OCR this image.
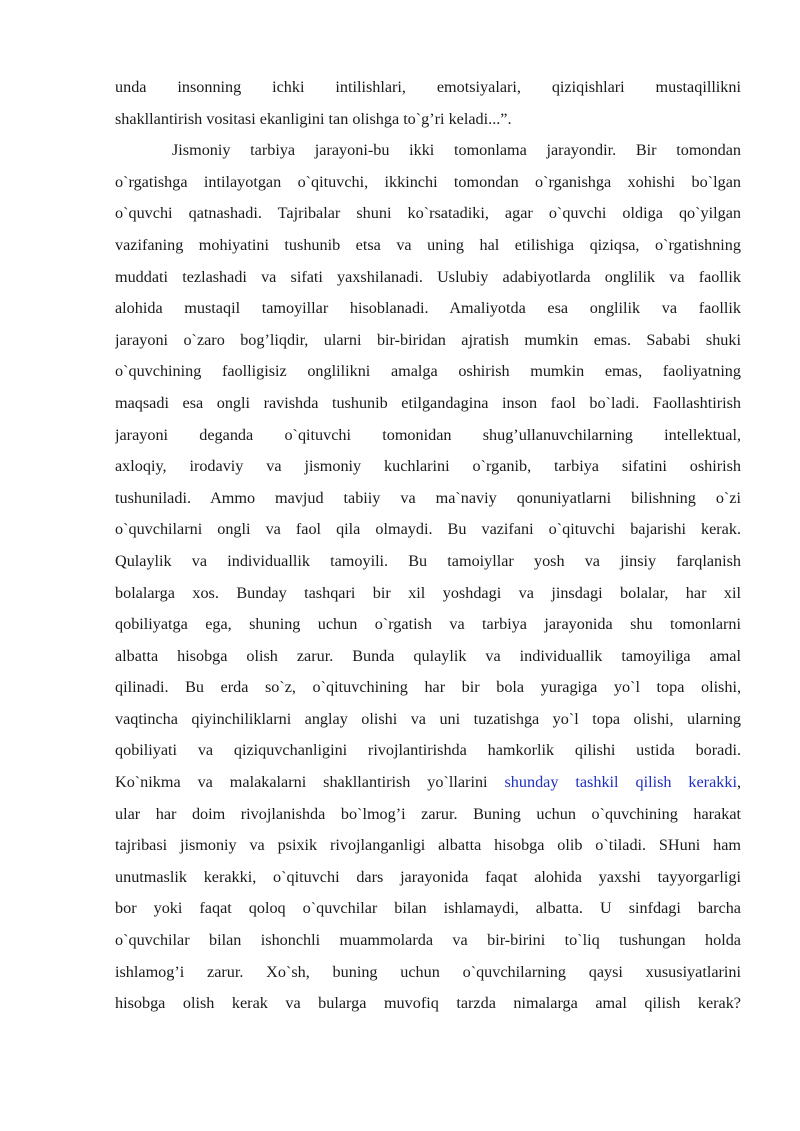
unda insonning ichki intilishlari, emotsiyalari, qiziqishlari mustaqillikni
shakllantirish vositasi ekanligini tan olishga to`g’ri keladi...”.
Jismoniy tarbiya jarayoni-bu ikki tomonlama jarayondir. Bir tomondan
o`rgatishga intilayotgan o`qituvchi, ikkinchi tomondan o`rganishga xohishi bo`lgan
o`quvchi qatnashadi. Tajribalar shuni ko`rsatadiki, agar o`quvchi oldiga qo`yilgan
vazifaning mohiyatini tushunib etsa va uning hal etilishiga qiziqsa, o`rgatishning
muddati tezlashadi va sifati yaxshilanadi. Uslubiy adabiyotlarda onglilik va faollik
alohida mustaqil tamoyillar hisoblanadi. Amaliyotda esa onglilik va faollik
jarayoni o`zaro bog’liqdir, ularni bir-biridan ajratish mumkin emas. Sababi shuki
o`quvchining faolligisiz onglilikni amalga oshirish mumkin emas, faoliyatning
maqsadi esa ongli ravishda tushunib etilgandagina inson faol bo`ladi. Faollashtirish
jarayoni deganda o`qituvchi tomonidan shug’ullanuvchilarning intellektual,
axloqiy, irodaviy va jismoniy kuchlarini o`rganib, tarbiya sifatini oshirish
tushuniladi. Ammo mavjud tabiiy va ma`naviy qonuniyatlarni bilishning o`zi
o`quvchilarni ongli va faol qila olmaydi. Bu vazifani o`qituvchi bajarishi kerak.
Qulaylik va individuallik tamoyili. Bu tamoiyllar yosh va jinsiy farqlanish
bolalarga xos. Bunday tashqari bir xil yoshdagi va jinsdagi bolalar, har xil
qobiliyatga ega, shuning uchun o`rgatish va tarbiya jarayonida shu tomonlarni
albatta hisobga olish zarur. Bunda qulaylik va individuallik tamoyiliga amal
qilinadi. Bu erda so`z, o`qituvchining har bir bola yuragiga yo`l topa olishi,
vaqtincha qiyinchiliklarni anglay olishi va uni tuzatishga yo`l topa olishi, ularning
qobiliyati va qiziquvchanligini rivojlantirishda hamkorlik qilishi ustida boradi.
Ko`nikma va malakalarni shakllantirish yo`llarini shunday tashkil qilish kerakki,
ular har doim rivojlanishda bo`lmog’i zarur. Buning uchun o`quvchining harakat
tajribasi jismoniy va psixik rivojlanganligi albatta hisobga olib o`tiladi. SHuni ham
unutmaslik kerakki, o`qituvchi dars jarayonida faqat alohida yaxshi tayyorgarligi
bor yoki faqat qoloq o`quvchilar bilan ishlamaydi, albatta. U sinfdagi barcha
o`quvchilar bilan ishonchli muammolarda va bir-birini to`liq tushungan holda
ishlamog’i zarur. Xo`sh, buning uchun o`quvchilarning qaysi xususiyatlarini
hisobga olish kerak va bularga muvofiq tarzda nimalarga amal qilish kerak?
